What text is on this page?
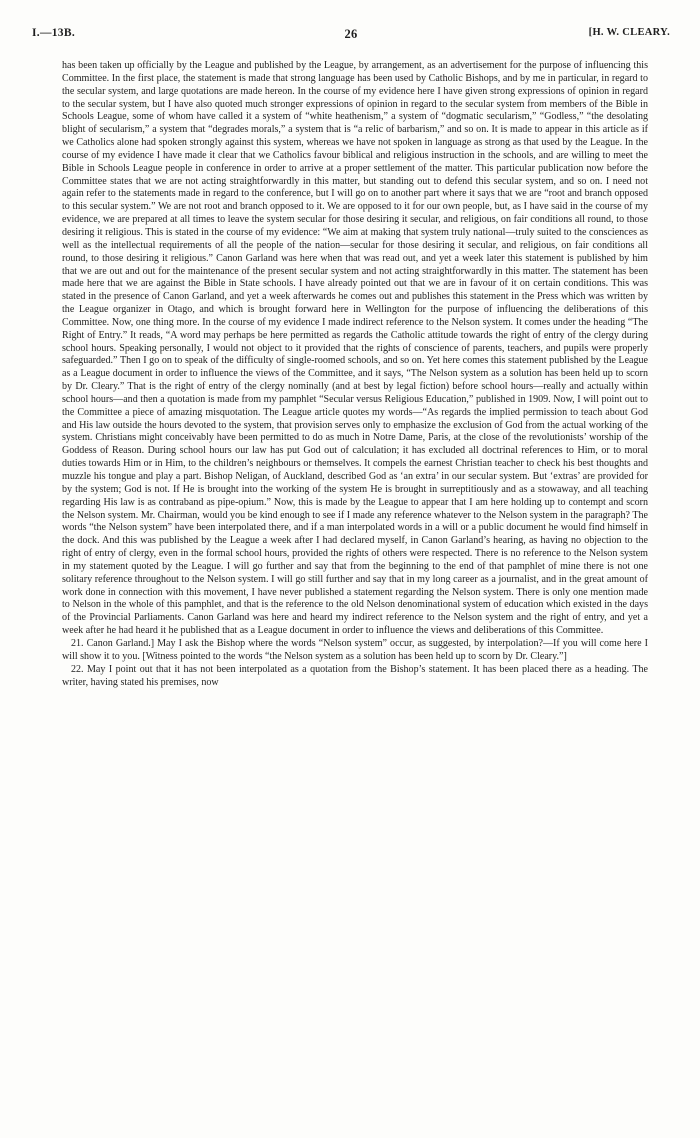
I.—13B.	26	[H. W. CLEARY.

has been taken up officially by the League and published by the League, by arrangement, as an advertisement for the purpose of influencing this Committee. In the first place, the statement is made that strong language has been used by Catholic Bishops, and by me in particular, in regard to the secular system, and large quotations are made hereon. In the course of my evidence here I have given strong expressions of opinion in regard to the secular system, but I have also quoted much stronger expressions of opinion in regard to the secular system from members of the Bible in Schools League, some of whom have called it a system of “white heathenism,” a system of “dogmatic secularism,” “Godless,” “the desolating blight of secularism,” a system that “degrades morals,” a system that is “a relic of barbarism,” and so on. It is made to appear in this article as if we Catholics alone had spoken strongly against this system, whereas we have not spoken in language as strong as that used by the League. In the course of my evidence I have made it clear that we Catholics favour biblical and religious instruction in the schools, and are willing to meet the Bible in Schools League people in conference in order to arrive at a proper settlement of the matter. This particular publication now before the Committee states that we are not acting straightforwardly in this matter, but standing out to defend this secular system, and so on. I need not again refer to the statements made in regard to the conference, but I will go on to another part where it says that we are “root and branch opposed to this secular system.” We are not root and branch opposed to it. We are opposed to it for our own people, but, as I have said in the course of my evidence, we are prepared at all times to leave the system secular for those desiring it secular, and religious, on fair conditions all round, to those desiring it religious. This is stated in the course of my evidence: “We aim at making that system truly national—truly suited to the consciences as well as the intellectual requirements of all the people of the nation—secular for those desiring it secular, and religious, on fair conditions all round, to those desiring it religious.” Canon Garland was here when that was read out, and yet a week later this statement is published by him that we are out and out for the maintenance of the present secular system and not acting straightforwardly in this matter. The statement has been made here that we are against the Bible in State schools. I have already pointed out that we are in favour of it on certain conditions. This was stated in the presence of Canon Garland, and yet a week afterwards he comes out and publishes this statement in the Press which was written by the League organizer in Otago, and which is brought forward here in Wellington for the purpose of influencing the deliberations of this Committee. Now, one thing more. In the course of my evidence I made indirect reference to the Nelson system. It comes under the heading “The Right of Entry.” It reads, “A word may perhaps be here permitted as regards the Catholic attitude towards the right of entry of the clergy during school hours. Speaking personally, I would not object to it provided that the rights of conscience of parents, teachers, and pupils were properly safeguarded.” Then I go on to speak of the difficulty of single-roomed schools, and so on. Yet here comes this statement published by the League as a League document in order to influence the views of the Committee, and it says, “The Nelson system as a solution has been held up to scorn by Dr. Cleary.” That is the right of entry of the clergy nominally (and at best by legal fiction) before school hours—really and actually within school hours—and then a quotation is made from my pamphlet “Secular versus Religious Education,” published in 1909. Now, I will point out to the Committee a piece of amazing misquotation. The League article quotes my words—“As regards the implied permission to teach about God and His law outside the hours devoted to the system, that provision serves only to emphasize the exclusion of God from the actual working of the system. Christians might conceivably have been permitted to do as much in Notre Dame, Paris, at the close of the revolutionists’ worship of the Goddess of Reason. During school hours our law has put God out of calculation; it has excluded all doctrinal references to Him, or to moral duties towards Him or in Him, to the children’s neighbours or themselves. It compels the earnest Christian teacher to check his best thoughts and muzzle his tongue and play a part. Bishop Neligan, of Auckland, described God as ‘an extra’ in our secular system. But ‘extras’ are provided for by the system; God is not. If He is brought into the working of the system He is brought in surreptitiously and as a stowaway, and all teaching regarding His law is as contraband as pipe-opium.” Now, this is made by the League to appear that I am here holding up to contempt and scorn the Nelson system. Mr. Chairman, would you be kind enough to see if I made any reference whatever to the Nelson system in the paragraph? The words “the Nelson system” have been interpolated there, and if a man interpolated words in a will or a public document he would find himself in the dock. And this was published by the League a week after I had declared myself, in Canon Garland’s hearing, as having no objection to the right of entry of clergy, even in the formal school hours, provided the rights of others were respected. There is no reference to the Nelson system in my statement quoted by the League. I will go further and say that from the beginning to the end of that pamphlet of mine there is not one solitary reference throughout to the Nelson system. I will go still further and say that in my long career as a journalist, and in the great amount of work done in connection with this movement, I have never published a statement regarding the Nelson system. There is only one mention made to Nelson in the whole of this pamphlet, and that is the reference to the old Nelson denominational system of education which existed in the days of the Provincial Parliaments. Canon Garland was here and heard my indirect reference to the Nelson system and the right of entry, and yet a week after he had heard it he published that as a League document in order to influence the views and deliberations of this Committee.

21. Canon Garland.] May I ask the Bishop where the words “Nelson system” occur, as suggested, by interpolation?—If you will come here I will show it to you. [Witness pointed to the words “the Nelson system as a solution has been held up to scorn by Dr. Cleary.”]

22. May I point out that it has not been interpolated as a quotation from the Bishop’s statement. It has been placed there as a heading. The writer, having stated his premises, now
